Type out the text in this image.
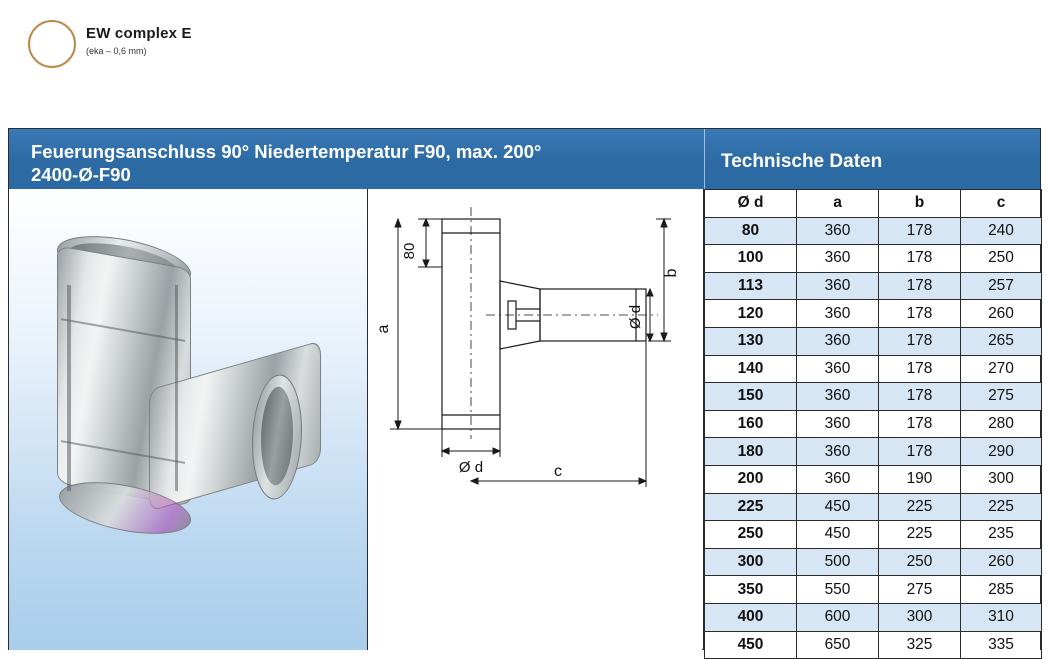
EW complex E
(eka – 0,6 mm)
Feuerungsanschluss 90° Niedertemperatur F90, max. 200°
2400-Ø-F90
Technische Daten
80
a
b
Ø d
Ø d	c
Ø d	a	b	c
80	360	178	240
100	360	178	250
113	360	178	257
120	360	178	260
130	360	178	265
140	360	178	270
150	360	178	275
160	360	178	280
180	360	178	290
200	360	190	300
225	450	225	225
250	450	225	235
300	500	250	260
350	550	275	285
400	600	300	310
450	650	325	335
